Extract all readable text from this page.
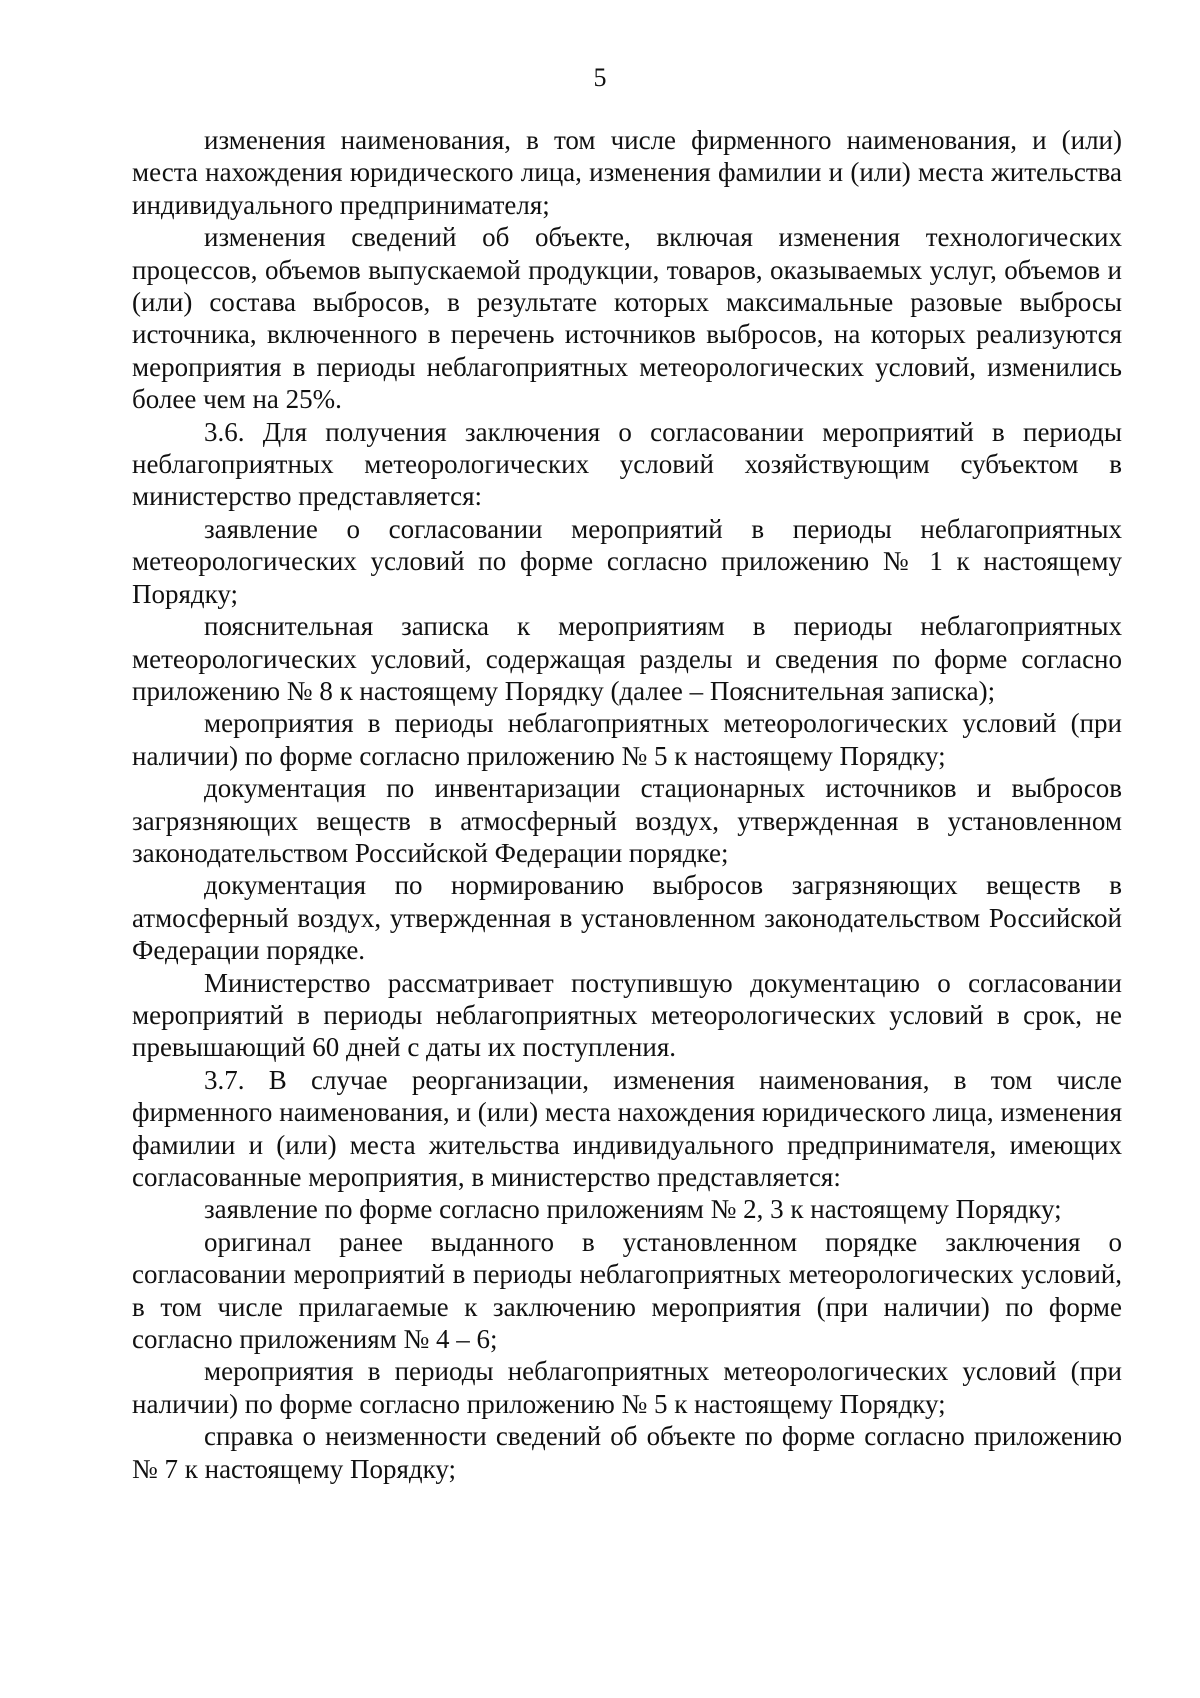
5

изменения наименования, в том числе фирменного наименования, и (или) места нахождения юридического лица, изменения фамилии и (или) места жительства индивидуального предпринимателя;

изменения сведений об объекте, включая изменения технологических процессов, объемов выпускаемой продукции, товаров, оказываемых услуг, объемов и (или) состава выбросов, в результате которых максимальные разовые выбросы источника, включенного в перечень источников выбросов, на которых реализуются мероприятия в периоды неблагоприятных метеорологических условий, изменились более чем на 25%.

3.6. Для получения заключения о согласовании мероприятий в периоды неблагоприятных метеорологических условий хозяйствующим субъектом в министерство представляется:

заявление о согласовании мероприятий в периоды неблагоприятных метеорологических условий по форме согласно приложению № 1 к настоящему Порядку;

пояснительная записка к мероприятиям в периоды неблагоприятных метеорологических условий, содержащая разделы и сведения по форме согласно приложению № 8 к настоящему Порядку (далее – Пояснительная записка);

мероприятия в периоды неблагоприятных метеорологических условий (при наличии) по форме согласно приложению № 5 к настоящему Порядку;

документация по инвентаризации стационарных источников и выбросов загрязняющих веществ в атмосферный воздух, утвержденная в установленном законодательством Российской Федерации порядке;

документация по нормированию выбросов загрязняющих веществ в атмосферный воздух, утвержденная в установленном законодательством Российской Федерации порядке.

Министерство рассматривает поступившую документацию о согласовании мероприятий в периоды неблагоприятных метеорологических условий в срок, не превышающий 60 дней с даты их поступления.

3.7. В случае реорганизации, изменения наименования, в том числе фирменного наименования, и (или) места нахождения юридического лица, изменения фамилии и (или) места жительства индивидуального предпринимателя, имеющих согласованные мероприятия, в министерство представляется:

заявление по форме согласно приложениям № 2, 3 к настоящему Порядку;

оригинал ранее выданного в установленном порядке заключения о согласовании мероприятий в периоды неблагоприятных метеорологических условий, в том числе прилагаемые к заключению мероприятия (при наличии) по форме согласно приложениям № 4 – 6;

мероприятия в периоды неблагоприятных метеорологических условий (при наличии) по форме согласно приложению № 5 к настоящему Порядку;

справка о неизменности сведений об объекте по форме согласно приложению № 7 к настоящему Порядку;
